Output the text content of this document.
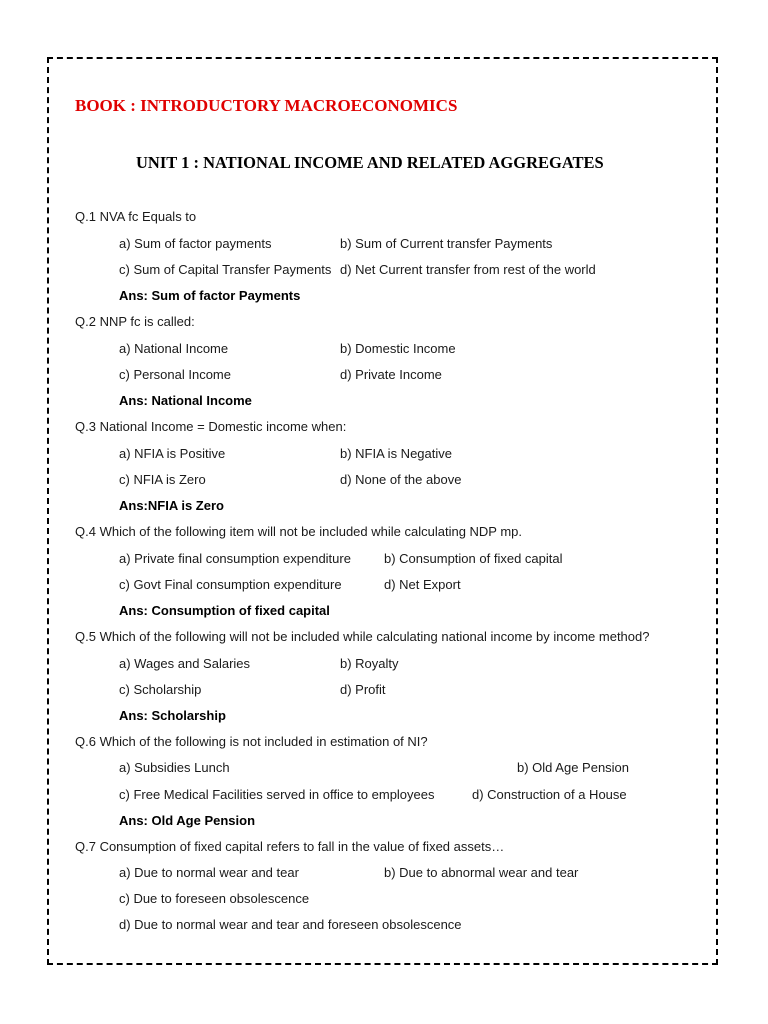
BOOK : INTRODUCTORY MACROECONOMICS
UNIT 1 : NATIONAL INCOME AND RELATED AGGREGATES
Q.1 NVA fc Equals to
a) Sum of factor payments	b) Sum of Current transfer Payments
c) Sum of Capital Transfer Payments d) Net Current transfer from rest of the world
Ans: Sum of factor Payments
Q.2 NNP fc is called:
a) National Income	b) Domestic Income
c) Personal Income	d) Private Income
Ans: National Income
Q.3 National Income = Domestic income when:
a) NFIA is Positive	b) NFIA is Negative
c) NFIA is Zero	d) None of the above
Ans:NFIA is Zero
Q.4 Which of the following item will not be included while calculating NDP mp.
a) Private final consumption expenditure	b) Consumption of fixed capital
c) Govt Final consumption expenditure	d) Net Export
Ans: Consumption of fixed capital
Q.5 Which of the following will not be included while calculating national income by income method?
a) Wages and Salaries	b) Royalty
c) Scholarship	d) Profit
Ans: Scholarship
Q.6 Which of the following is not included in estimation of NI?
a) Subsidies Lunch	b) Old Age Pension
c) Free Medical Facilities served in office to employees	d) Construction of a House
Ans: Old Age Pension
Q.7 Consumption of fixed capital refers to fall in the value of fixed assets…
a) Due to normal wear and tear	b) Due to abnormal wear and tear
c) Due to foreseen obsolescence
d) Due to normal wear and tear and foreseen obsolescence
